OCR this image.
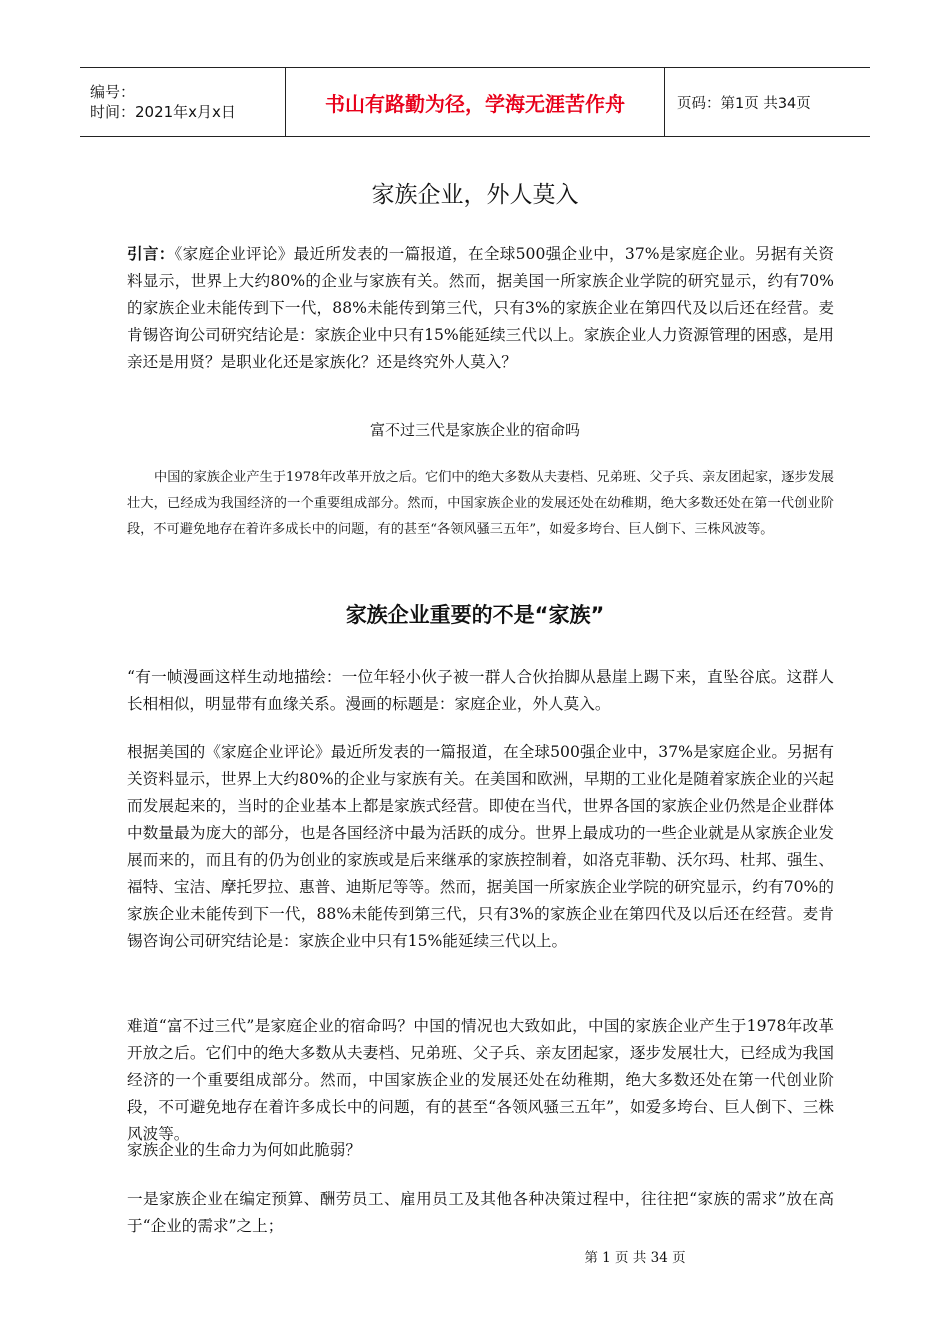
编号：
时间：2021年x月x日	书山有路勤为径，学海无涯苦作舟	页码：第1页 共34页
家族企业，外人莫入

引言：《家庭企业评论》最近所发表的一篇报道，在全球500强企业中，37%是家庭企业。另据有关资料显示，世界上大约80%的企业与家族有关。然而，据美国一所家族企业学院的研究显示，约有70%的家族企业未能传到下一代，88%未能传到第三代，只有3%的家族企业在第四代及以后还在经营。麦肯锡咨询公司研究结论是：家族企业中只有15%能延续三代以上。家族企业人力资源管理的困惑，是用亲还是用贤？是职业化还是家族化？还是终究外人莫入？

富不过三代是家族企业的宿命吗

中国的家族企业产生于1978年改革开放之后。它们中的绝大多数从夫妻档、兄弟班、父子兵、亲友团起家，逐步发展壮大，已经成为我国经济的一个重要组成部分。然而，中国家族企业的发展还处在幼稚期，绝大多数还处在第一代创业阶段，不可避免地存在着许多成长中的问题，有的甚至“各领风骚三五年”，如爱多垮台、巨人倒下、三株风波等。

家族企业重要的不是“家族”

“有一帧漫画这样生动地描绘：一位年轻小伙子被一群人合伙抬脚从悬崖上踢下来，直坠谷底。这群人长相相似，明显带有血缘关系。漫画的标题是：家庭企业，外人莫入。

根据美国的《家庭企业评论》最近所发表的一篇报道，在全球500强企业中，37%是家庭企业。另据有关资料显示，世界上大约80%的企业与家族有关。在美国和欧洲，早期的工业化是随着家族企业的兴起而发展起来的，当时的企业基本上都是家族式经营。即使在当代，世界各国的家族企业仍然是企业群体中数量最为庞大的部分，也是各国经济中最为活跃的成分。世界上最成功的一些企业就是从家族企业发展而来的，而且有的仍为创业的家族或是后来继承的家族控制着，如洛克菲勒、沃尔玛、杜邦、强生、福特、宝洁、摩托罗拉、惠普、迪斯尼等等。然而，据美国一所家族企业学院的研究显示，约有70%的家族企业未能传到下一代，88%未能传到第三代，只有3%的家族企业在第四代及以后还在经营。麦肯锡咨询公司研究结论是：家族企业中只有15%能延续三代以上。

难道“富不过三代”是家庭企业的宿命吗？中国的情况也大致如此，中国的家族企业产生于1978年改革开放之后。它们中的绝大多数从夫妻档、兄弟班、父子兵、亲友团起家，逐步发展壮大，已经成为我国经济的一个重要组成部分。然而，中国家族企业的发展还处在幼稚期，绝大多数还处在第一代创业阶段，不可避免地存在着许多成长中的问题，有的甚至“各领风骚三五年”，如爱多垮台、巨人倒下、三株风波等。

家族企业的生命力为何如此脆弱？

一是家族企业在编定预算、酬劳员工、雇用员工及其他各种决策过程中，往往把“家族的需求”放在高于“企业的需求”之上；

第 1 页 共 34 页
